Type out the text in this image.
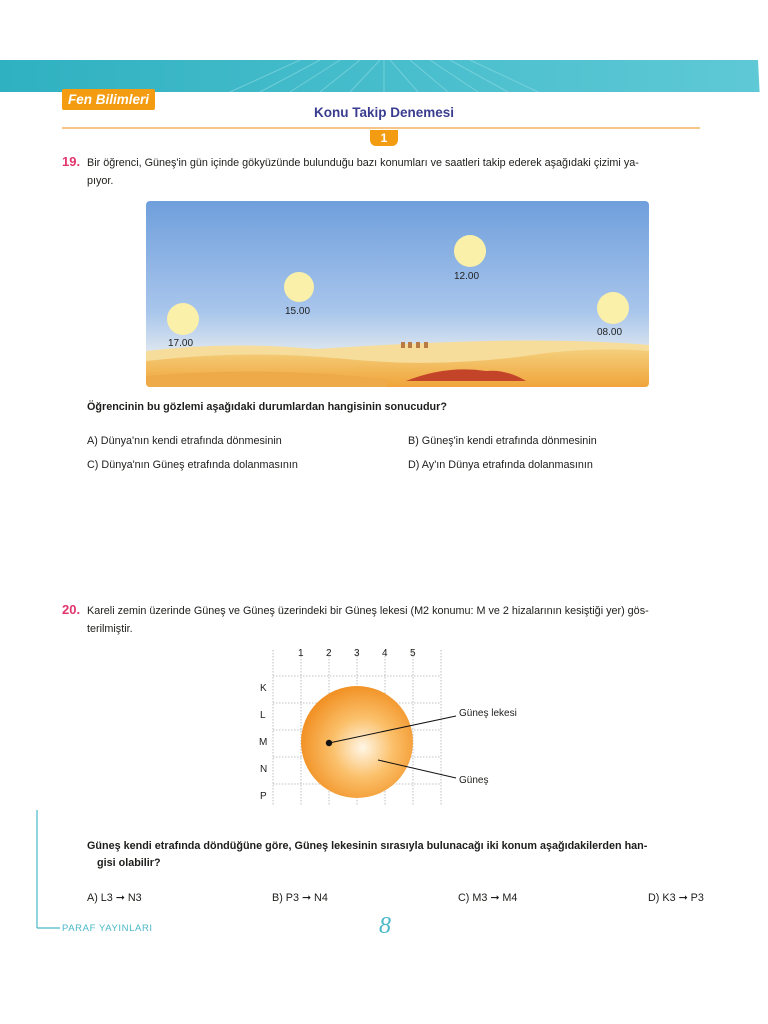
Fen Bilimleri
Konu Takip Denemesi
1
19. Bir öğrenci, Güneş'in gün içinde gökyüzünde bulunduğu bazı konumları ve saatleri takip ederek aşağıdaki çizimi ya-
pıyor.
17.00
15.00
12.00
08.00
Öğrencinin bu gözlemi aşağıdaki durumlardan hangisinin sonucudur?
A) Dünya'nın kendi etrafında dönmesinin	B) Güneş'in kendi etrafında dönmesinin
C) Dünya'nın Güneş etrafında dolanmasının	D) Ay'ın Dünya etrafında dolanmasının
20. Kareli zemin üzerinde Güneş ve Güneş üzerindeki bir Güneş lekesi (M2 konumu: M ve 2 hizalarının kesiştiği yer) gös-
terilmiştir.
1 2 3 4 5
K
L
M
N
P
Güneş lekesi
Güneş
Güneş kendi etrafında döndüğüne göre, Güneş lekesinin sırasıyla bulunacağı iki konum aşağıdakilerden han-
gisi olabilir?
A) L3 ➞ N3	B) P3 ➞ N4	C) M3 ➞ M4	D) K3 ➞ P3
PARAF YAYINLARI	8
